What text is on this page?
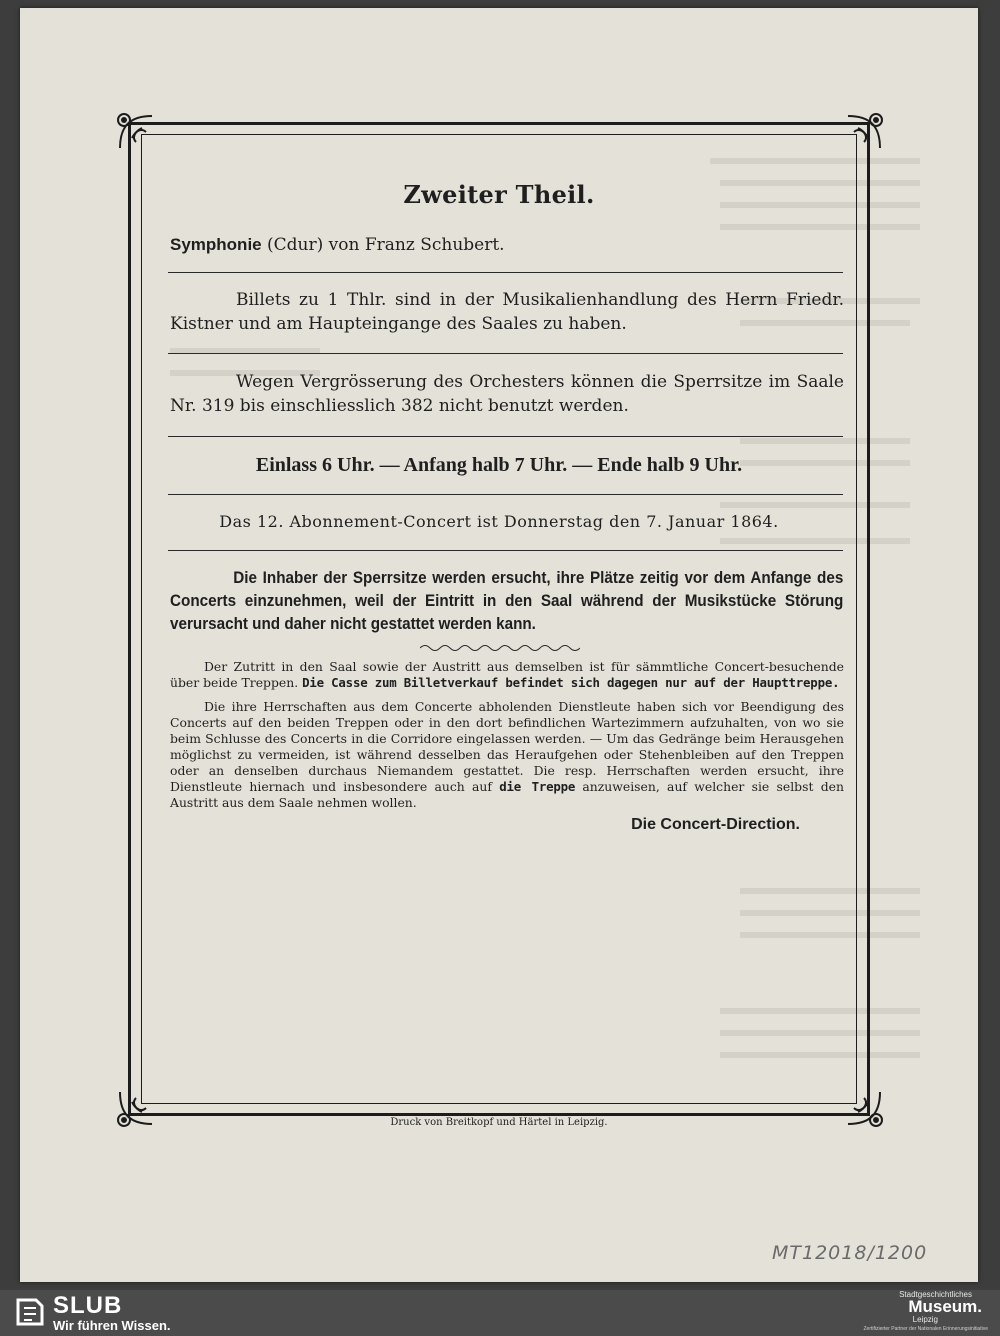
Zweiter Theil.
Symphonie (Cdur) von Franz Schubert.
Billets zu 1 Thlr. sind in der Musikalienhandlung des Herrn Friedr. Kistner und am Haupteingange des Saales zu haben.
Wegen Vergrösserung des Orchesters können die Sperrsitze im Saale Nr. 319 bis einschliesslich 382 nicht benutzt werden.
Einlass 6 Uhr. — Anfang halb 7 Uhr. — Ende halb 9 Uhr.
Das 12. Abonnement-Concert ist Donnerstag den 7. Januar 1864.
Die Inhaber der Sperrsitze werden ersucht, ihre Plätze zeitig vor dem Anfange des Concerts einzunehmen, weil der Eintritt in den Saal während der Musikstücke Störung verursacht und daher nicht gestattet werden kann.
Der Zutritt in den Saal sowie der Austritt aus demselben ist für sämmtliche Concert-besuchende über beide Treppen. Die Casse zum Billetverkauf befindet sich dagegen nur auf der Haupttreppe.
Die ihre Herrschaften aus dem Concerte abholenden Dienstleute haben sich vor Beendigung des Concerts auf den beiden Treppen oder in den dort befindlichen Wartezimmern aufzuhalten, von wo sie beim Schlusse des Concerts in die Corridore eingelassen werden. — Um das Gedränge beim Herausgehen möglichst zu vermeiden, ist während desselben das Heraufgehen oder Stehenbleiben auf den Treppen oder an denselben durchaus Niemandem gestattet. Die resp. Herrschaften werden ersucht, ihre Dienstleute hiernach und insbesondere auch auf die Treppe anzuweisen, auf welcher sie selbst den Austritt aus dem Saale nehmen wollen.
Die Concert-Direction.
Druck von Breitkopf und Härtel in Leipzig.
MT12018/1200
SLUB
Wir führen Wissen.
Stadtgeschichtliches
Museum.
Leipzig
Zertifizierter Partner der Nationalen Erinnerungsinitiative
